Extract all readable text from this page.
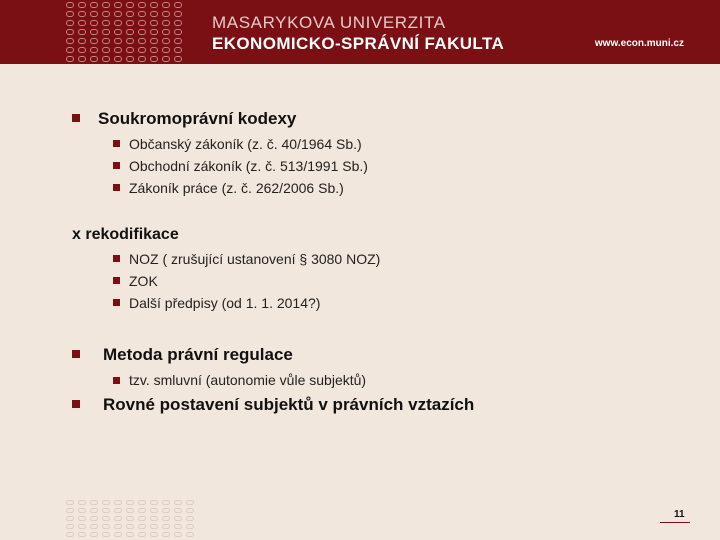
MASARYKOVA UNIVERZITA
EKONOMICKO-SPRÁVNÍ FAKULTA	www.econ.muni.cz
Soukromoprávní kodexy
Občanský zákoník (z. č. 40/1964 Sb.)
Obchodní zákoník (z. č. 513/1991 Sb.)
Zákoník práce (z. č. 262/2006 Sb.)
x rekodifikace
NOZ ( zrušující ustanovení § 3080 NOZ)
ZOK
Další předpisy (od 1. 1. 2014?)
Metoda právní regulace
tzv. smluvní (autonomie vůle subjektů)
Rovné postavení subjektů v právních vztazích
11
